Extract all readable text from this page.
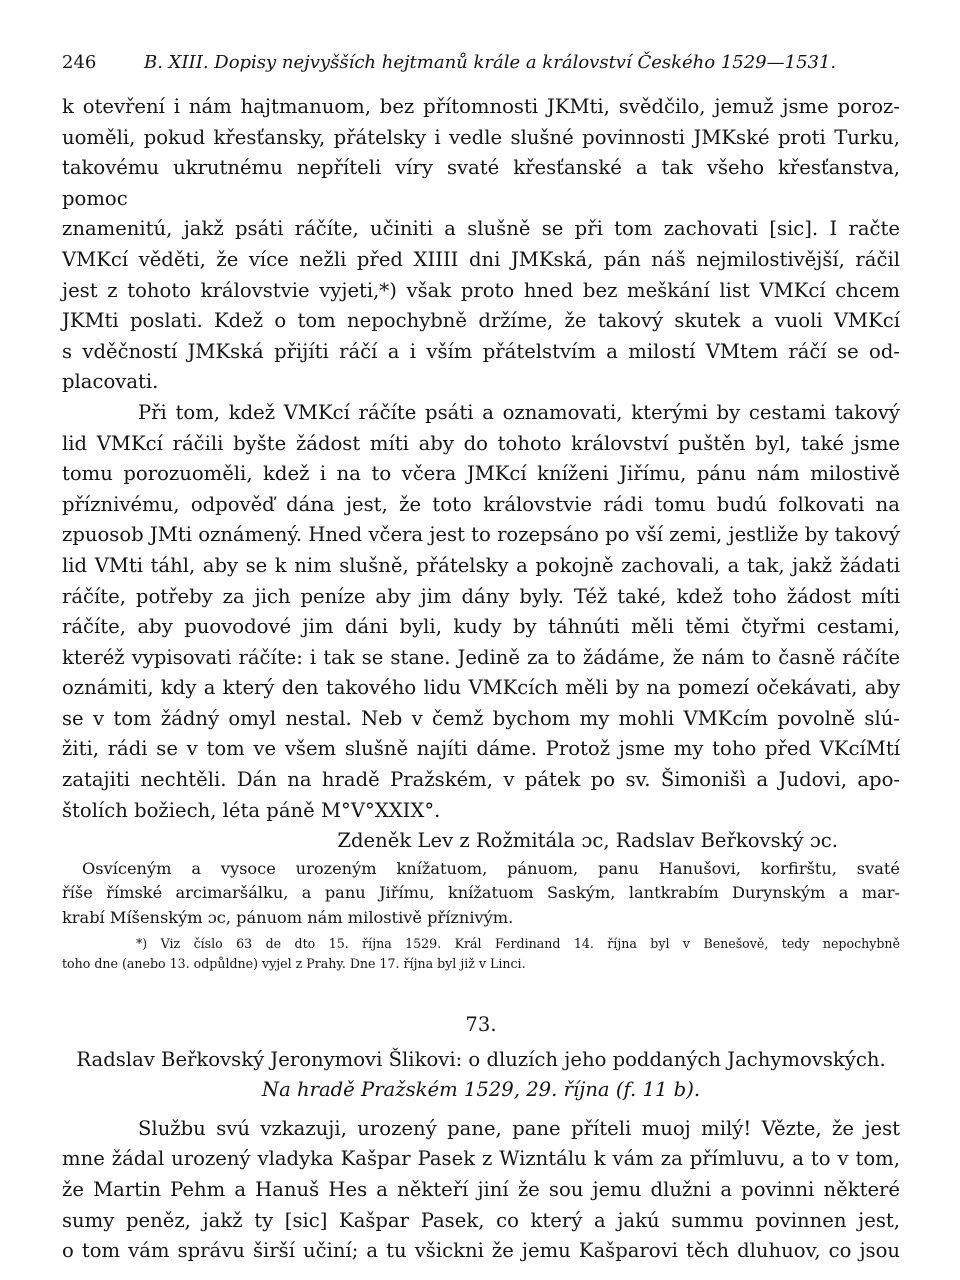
246	B. XIII. Dopisy nejvyšších hejtmanů krále a království Českého 1529—1531.

k otevření i nám hajtmanuom, bez přítomnosti JKMti, svědčilo, jemuž jsme poroz-

uoměli, pokud křesťansky, přátelsky i vedle slušné povinnosti JMKské proti Turku,

takovému ukrutnému nepříteli víry svaté křesťanské a tak všeho křesťanstva, pomoc

znamenitú, jakž psáti ráčíte, učiniti a slušně se při tom zachovati [sic]. I račte

VMKcí věděti, že více nežli před XIIII dni JMKská, pán náš nejmilostivější, ráčil

jest z tohoto královstvie vyjeti,*) však proto hned bez meškání list VMKcí chcem

JKMti poslati. Kdež o tom nepochybně držíme, že takový skutek a vuoli VMKcí

s vděčností JMKská přijíti ráčí a i vším přátelstvím a milostí VMtem ráčí se od-

placovati.

Při tom, kdež VMKcí ráčíte psáti a oznamovati, kterými by cestami takový

lid VMKcí ráčili byšte žádost míti aby do tohoto království puštěn byl, také jsme

tomu porozuoměli, kdež i na to včera JMKcí kníženi Jiřímu, pánu nám milostivě

příznivému, odpověď dána jest, že toto královstvie rádi tomu budú folkovati na

zpuosob JMti oznámený. Hned včera jest to rozepsáno po vší zemi, jestliže by takový

lid VMti táhl, aby se k nim slušně, přátelsky a pokojně zachovali, a tak, jakž žádati

ráčíte, potřeby za jich peníze aby jim dány byly. Též také, kdež toho žádost míti

ráčíte, aby puovodové jim dáni byli, kudy by táhnúti měli těmi čtyřmi cestami,

kteréž vypisovati ráčíte: i tak se stane. Jedině za to žádáme, že nám to časně ráčíte

oznámiti, kdy a který den takového lidu VMKcích měli by na pomezí očekávati, aby

se v tom žádný omyl nestal. Neb v čemž bychom my mohli VMKcím povolně slú-

žiti, rádi se v tom ve všem slušně najíti dáme. Protož jsme my toho před VKcíMtí

zatajiti nechtěli. Dán na hradě Pražském, v pátek po sv. Šimonišì a Judovi, apo-

štolích božiech, léta páně M°V°XXIX°.

Zdeněk Lev z Rožmitála ɔc, Radslav Beřkovský ɔc.

Osvíceným a vysoce urozeným knížatuom, pánuom, panu Hanušovi, korfirštu, svaté

říše římské arcimaršálku, a panu Jiřímu, knížatuom Saským, lantkrabím Durynským a mar-

krabí Míšenským ɔc, pánuom nám milostivě příznivým.

*) Viz číslo 63 de dto 15. října 1529. Král Ferdinand 14. října byl v Benešově, tedy nepochybně

toho dne (anebo 13. odpůldne) vyjel z Prahy. Dne 17. října byl již v Linci.

73.

Radslav Beřkovský Jeronymovi Šlikovi: o dluzích jeho poddaných Jachymovských.

Na hradě Pražském 1529, 29. října (f. 11 b).

Službu svú vzkazuji, urozený pane, pane příteli muoj milý! Vězte, že jest

mne žádal urozený vladyka Kašpar Pasek z Wizntálu k vám za přímluvu, a to v tom,

že Martin Pehm a Hanuš Hes a někteří jiní že sou jemu dlužni a povinni některé

sumy peněz, jakž ty [sic] Kašpar Pasek, co který a jakú summu povinnen jest,

o tom vám správu širší učiní; a tu všickni že jemu Kašparovi těch dluhuov, co jsou
